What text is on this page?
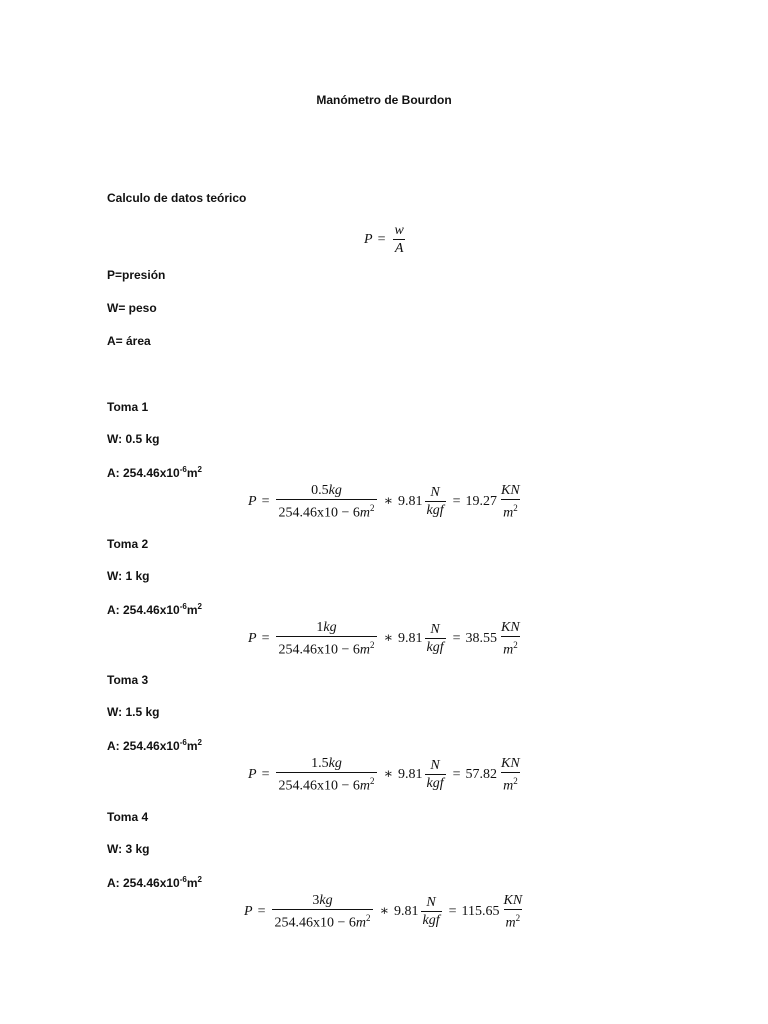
Manómetro de Bourdon
Calculo de datos teórico
$P = \frac{w}{A}$
P=presión
W= peso
A= área
Toma 1
W: 0.5 kg
A: $254.46x10^{-6}m^2$
$P = \frac{0.5kg}{254.46x10 - 6m^2}$ ∗ $9.81 \frac{N}{\text{kgf}} = 19.27 \frac{KN}{m^2}$
Toma 2
W: 1 kg
A: $254.46x10^{-6}m^2$
$P = \frac{1kg}{254.46x10 - 6m^2}$ ∗ $9.81 \frac{N}{\text{kgf}} = 38.55 \frac{KN}{m^2}$
Toma 3
W: 1.5 kg
A: $254.46x10^{-6}m^2$
$P = \frac{1.5kg}{254.46x10 - 6m^2}$ ∗ $9.81 \frac{N}{\text{kgf}} = 57.82 \frac{KN}{m^2}$
Toma 4
W: 3 kg
A: $254.46x10^{-6}m^2$
$P = \frac{3kg}{254.46x10 - 6m^2}$ ∗ $9.81 \frac{N}{\text{kgf}} = 115.65 \frac{KN}{m^2}$
